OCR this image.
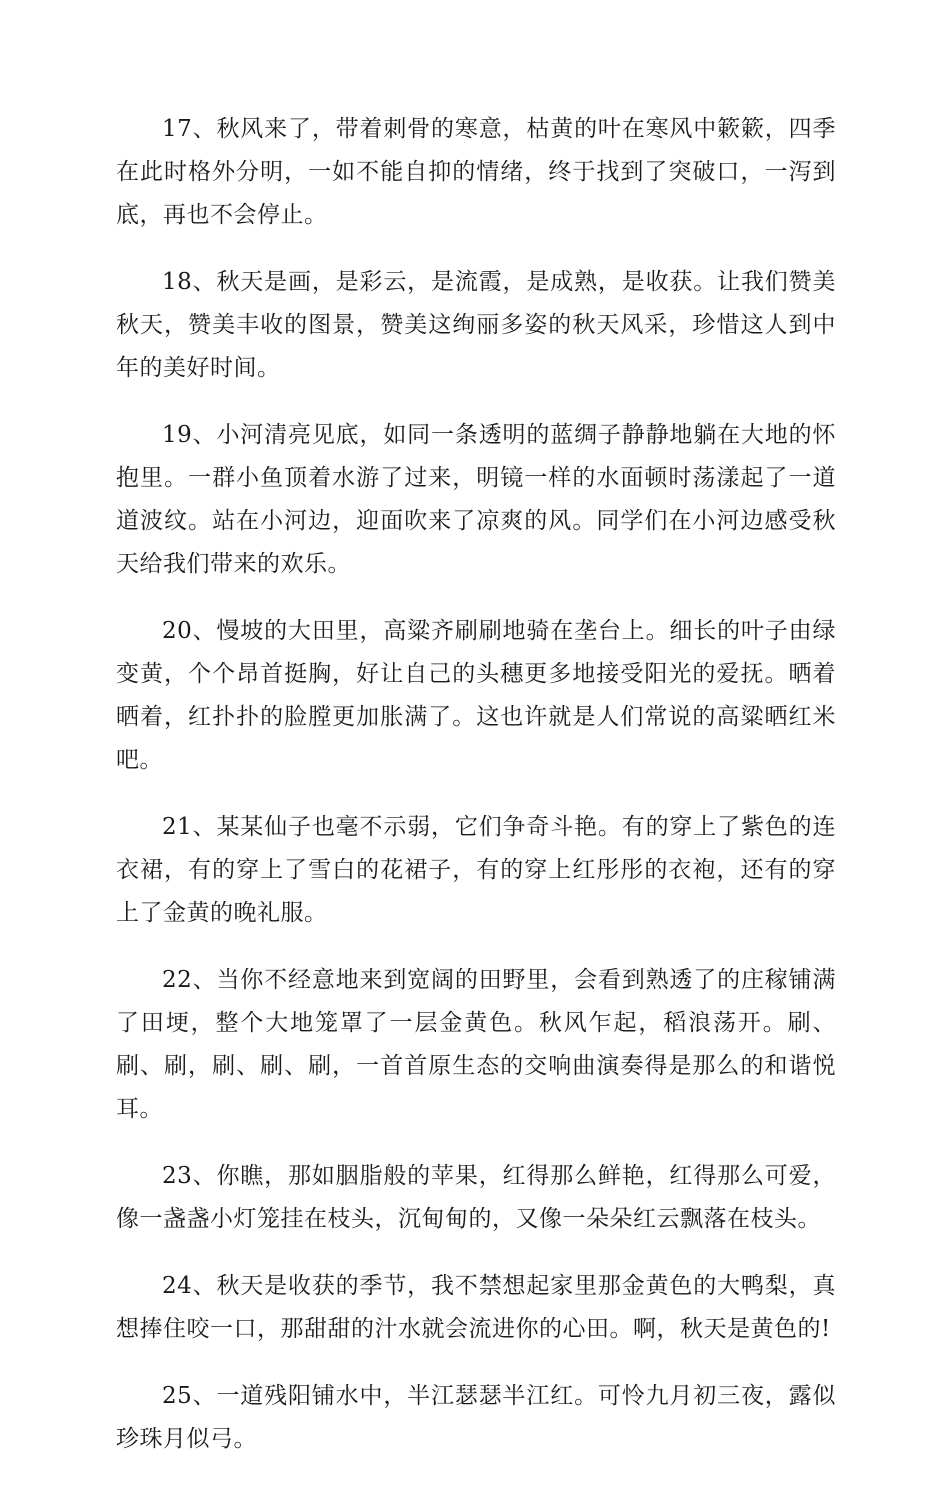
17、秋风来了，带着刺骨的寒意，枯黄的叶在寒风中簌簌，四季在此时格外分明，一如不能自抑的情绪，终于找到了突破口，一泻到底，再也不会停止。

18、秋天是画，是彩云，是流霞，是成熟，是收获。让我们赞美秋天，赞美丰收的图景，赞美这绚丽多姿的秋天风采，珍惜这人到中年的美好时间。

19、小河清亮见底，如同一条透明的蓝绸子静静地躺在大地的怀抱里。一群小鱼顶着水游了过来，明镜一样的水面顿时荡漾起了一道道波纹。站在小河边，迎面吹来了凉爽的风。同学们在小河边感受秋天给我们带来的欢乐。

20、慢坡的大田里，高粱齐刷刷地骑在垄台上。细长的叶子由绿变黄，个个昂首挺胸，好让自己的头穗更多地接受阳光的爱抚。晒着晒着，红扑扑的脸膛更加胀满了。这也许就是人们常说的高粱晒红米吧。

21、某某仙子也毫不示弱，它们争奇斗艳。有的穿上了紫色的连衣裙，有的穿上了雪白的花裙子，有的穿上红彤彤的衣袍，还有的穿上了金黄的晚礼服。

22、当你不经意地来到宽阔的田野里，会看到熟透了的庄稼铺满了田埂，整个大地笼罩了一层金黄色。秋风乍起，稻浪荡开。刷、刷、刷，刷、刷、刷，一首首原生态的交响曲演奏得是那么的和谐悦耳。

23、你瞧，那如胭脂般的苹果，红得那么鲜艳，红得那么可爱，像一盏盏小灯笼挂在枝头，沉甸甸的，又像一朵朵红云飘落在枝头。

24、秋天是收获的季节，我不禁想起家里那金黄色的大鸭梨，真想捧住咬一口，那甜甜的汁水就会流进你的心田。啊，秋天是黄色的!

25、一道残阳铺水中，半江瑟瑟半江红。可怜九月初三夜，露似珍珠月似弓。
